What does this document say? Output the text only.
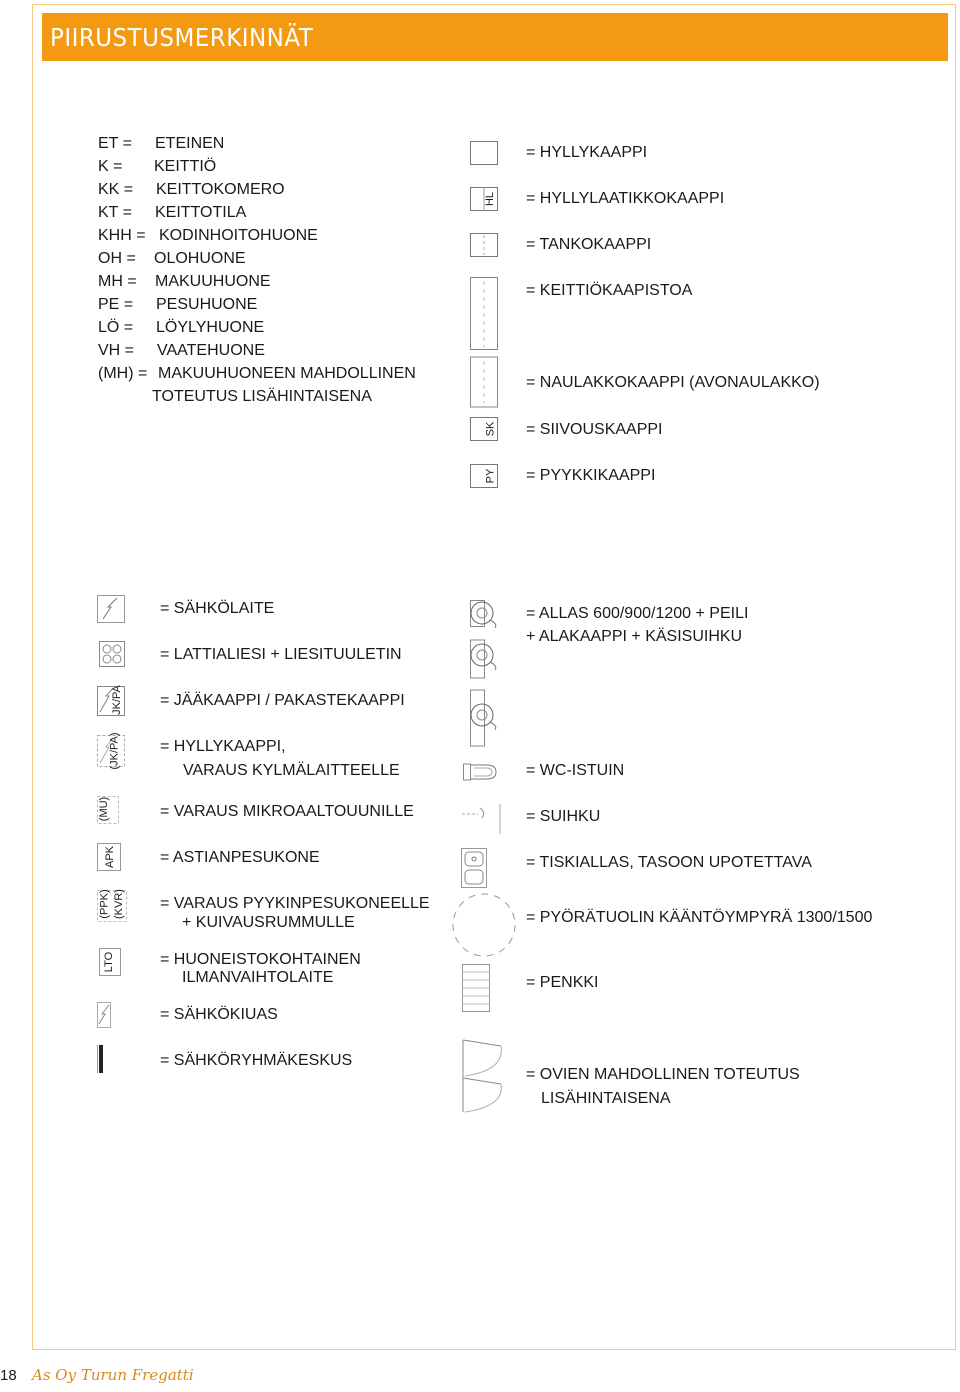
PIIRUSTUSMERKINNÄT
ET = ETEINEN
K = KEITTIÖ
KK = KEITTOKOMERO
KT = KEITTOTILA
KHH = KODINHOITOHUONE
OH = OLOHUONE
MH = MAKUUHUONE
PE = PESUHUONE
LÖ = LÖYLYHUONE
VH = VAATEHUONE
(MH) = MAKUUHUONEEN MAHDOLLINEN
TOTEUTUS LISÄHINTAISENA
= HYLLYKAAPPI
HL = HYLLYLAATIKKOKAAPPI
= TANKOKAAPPI
= KEITTIÖKAAPISTOA
= NAULAKKOKAAPPI (AVONAULAKKO)
SK = SIIVOUSKAAPPI
PY = PYYKKIKAAPPI
= SÄHKÖLAITE
= LATTIALIESI + LIESITUULETIN
JK/PA = JÄÄKAAPPI / PAKASTEKAAPPI
(JK/PA) = HYLLYKAAPPI,
VARAUS KYLMÄLAITTEELLE
(MU)	= VARAUS MIKROAALTOUUNILLE
APK	= ASTIANPESUKONE
(PPK) (KVR) = VARAUS PYYKINPESUKONEELLE
+ KUIVAUSRUMMULLE
LTO	= HUONEISTOKOHTAINEN
ILMANVAIHTOLAITE
= SÄHKÖKIUAS
= SÄHKÖRYHMÄKESKUS
= ALLAS 600/900/1200 + PEILI
+ ALAKAAPPI + KÄSISUIHKU
= WC-ISTUIN
= SUIHKU
= TISKIALLAS, TASOON UPOTETTAVA
= PYÖRÄTUOLIN KÄÄNTÖYMPYRÄ 1300/1500
= PENKKI
= OVIEN MAHDOLLINEN TOTEUTUS
LISÄHINTAISENA
18 As Oy Turun Fregatti
